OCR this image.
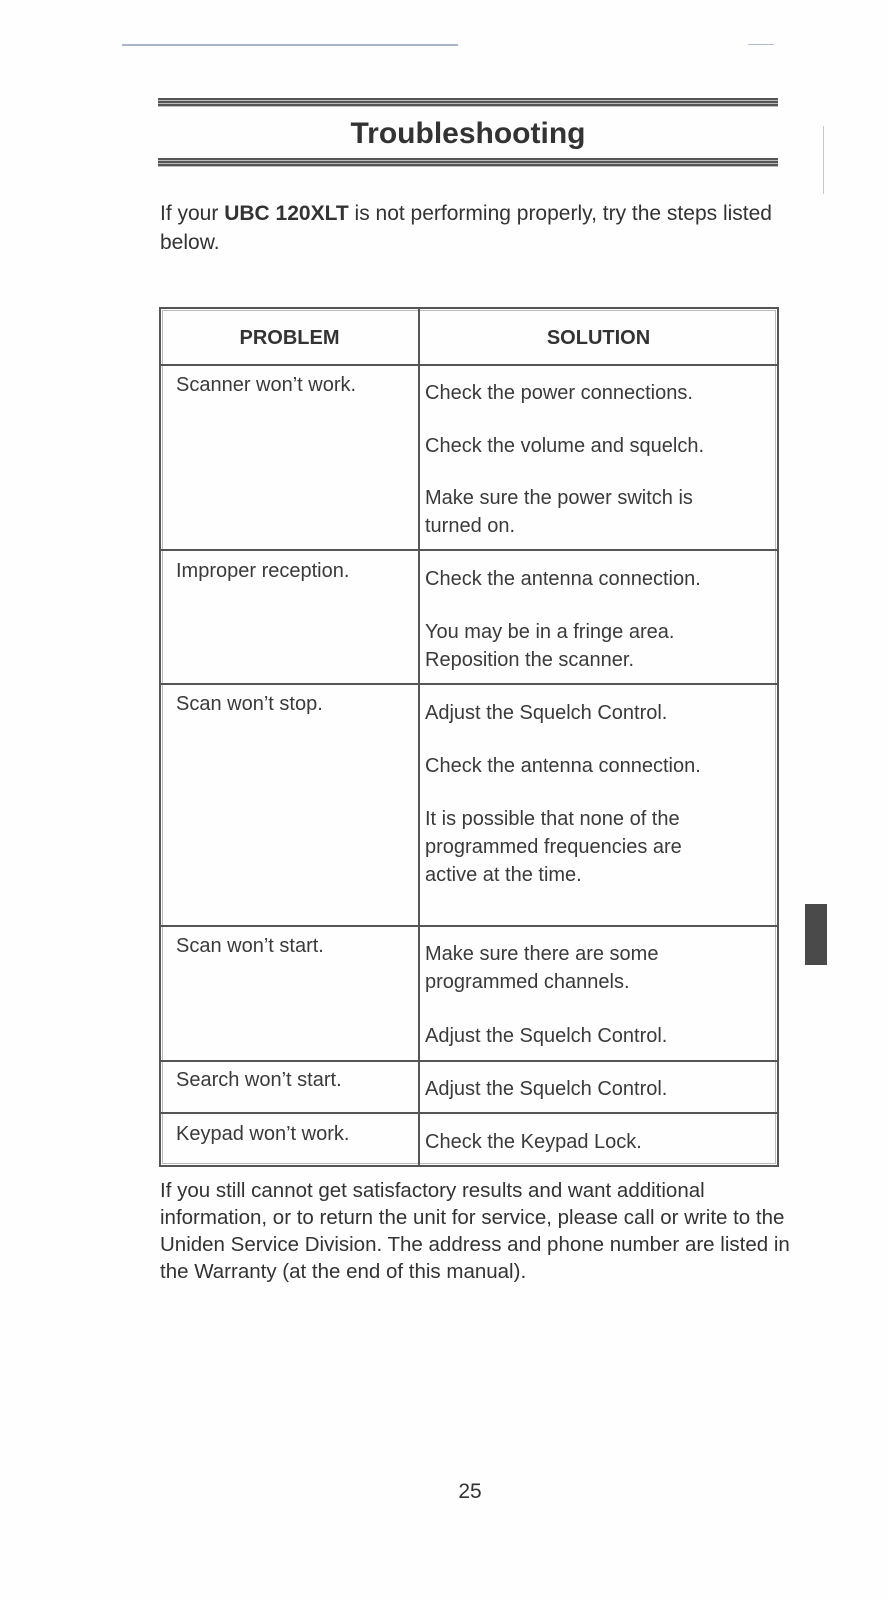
Troubleshooting

If your UBC 120XLT is not performing properly, try the steps listed below.

PROBLEM	SOLUTION
Scanner won’t work.	Check the power connections.
Check the volume and squelch.
Make sure the power switch is turned on.
Improper reception.	Check the antenna connection.
You may be in a fringe area. Reposition the scanner.
Scan won’t stop.	Adjust the Squelch Control.
Check the antenna connection.
It is possible that none of the programmed frequencies are active at the time.
Scan won’t start.	Make sure there are some programmed channels.
Adjust the Squelch Control.
Search won’t start.	Adjust the Squelch Control.
Keypad won’t work.	Check the Keypad Lock.

If you still cannot get satisfactory results and want additional information, or to return the unit for service, please call or write to the Uniden Service Division. The address and phone number are listed in the Warranty (at the end of this manual).

25
